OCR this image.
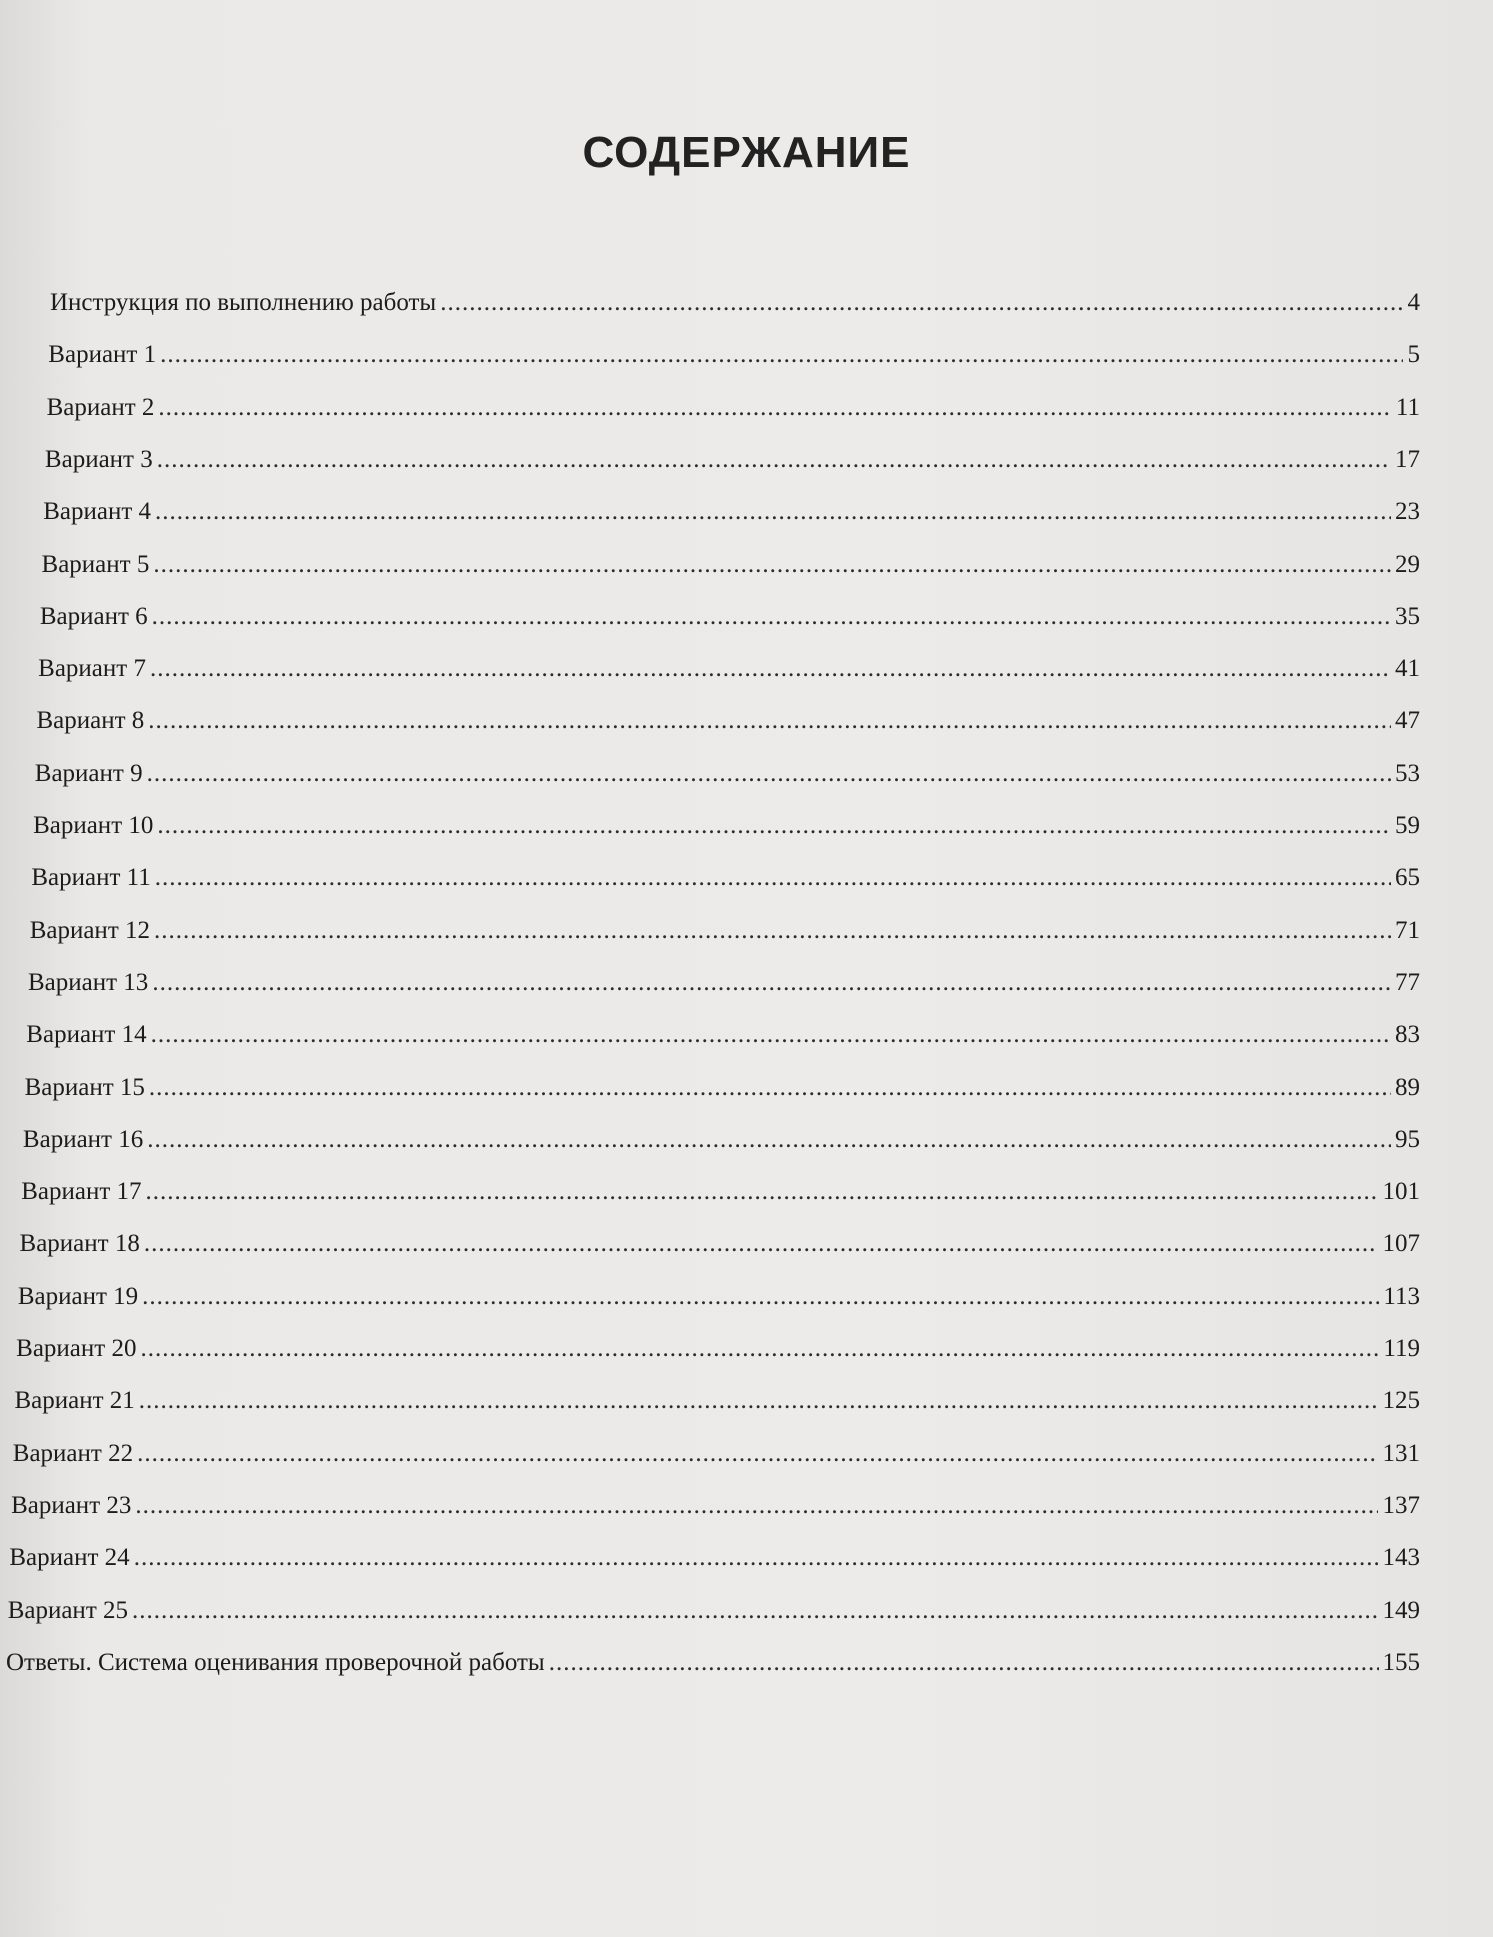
СОДЕРЖАНИЕ
Инструкция по выполнению работы .....	4
Вариант 1 .....	5
Вариант 2 .....	11
Вариант 3 .....	17
Вариант 4 .....	23
Вариант 5 .....	29
Вариант 6 .....	35
Вариант 7 .....	41
Вариант 8 .....	47
Вариант 9 .....	53
Вариант 10 .....	59
Вариант 11 .....	65
Вариант 12 .....	71
Вариант 13 .....	77
Вариант 14 .....	83
Вариант 15 .....	89
Вариант 16 .....	95
Вариант 17 .....	101
Вариант 18 .....	107
Вариант 19 .....	113
Вариант 20 .....	119
Вариант 21 .....	125
Вариант 22 .....	131
Вариант 23 .....	137
Вариант 24 .....	143
Вариант 25 .....	149
Ответы. Система оценивания проверочной работы .....	155
